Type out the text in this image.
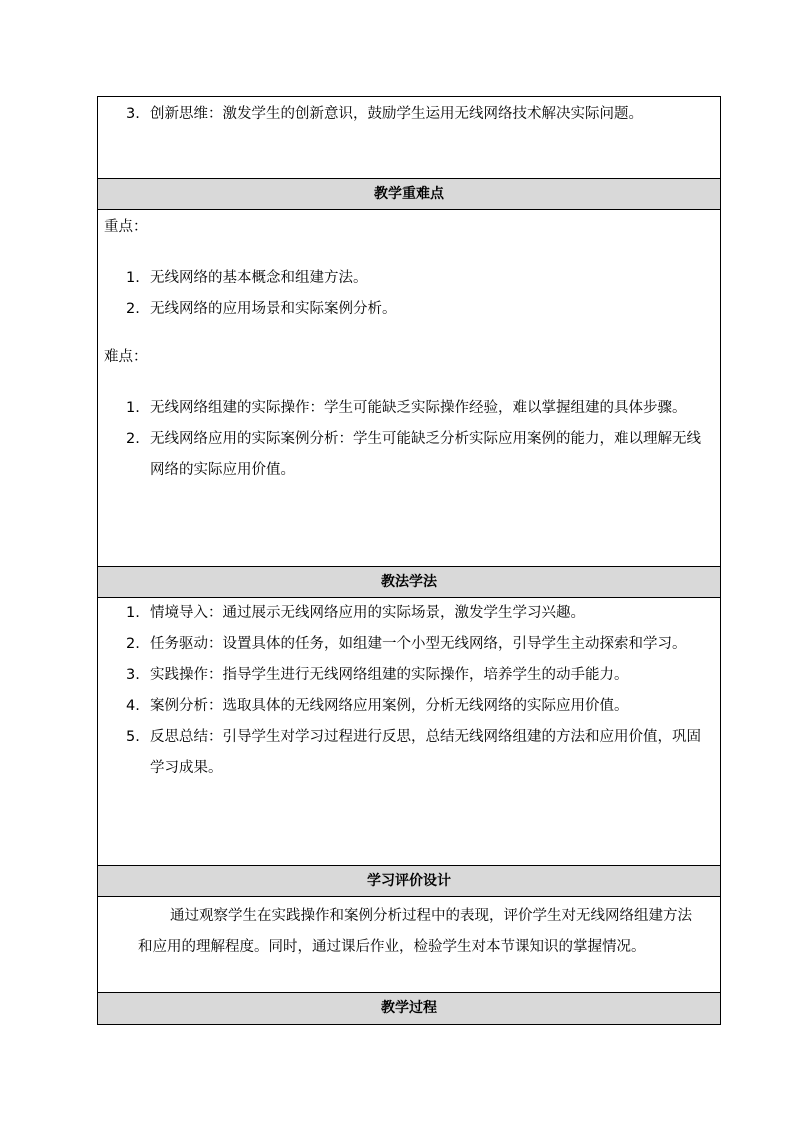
3. 创新思维：激发学生的创新意识，鼓励学生运用无线网络技术解决实际问题。
教学重难点
重点：
1. 无线网络的基本概念和组建方法。
2. 无线网络的应用场景和实际案例分析。
难点：
1. 无线网络组建的实际操作：学生可能缺乏实际操作经验，难以掌握组建的具体步骤。
2. 无线网络应用的实际案例分析：学生可能缺乏分析实际应用案例的能力，难以理解无线网络的实际应用价值。
教法学法
1. 情境导入：通过展示无线网络应用的实际场景，激发学生学习兴趣。
2. 任务驱动：设置具体的任务，如组建一个小型无线网络，引导学生主动探索和学习。
3. 实践操作：指导学生进行无线网络组建的实际操作，培养学生的动手能力。
4. 案例分析：选取具体的无线网络应用案例，分析无线网络的实际应用价值。
5. 反思总结：引导学生对学习过程进行反思，总结无线网络组建的方法和应用价值，巩固学习成果。
学习评价设计
通过观察学生在实践操作和案例分析过程中的表现，评价学生对无线网络组建方法和应用的理解程度。同时，通过课后作业，检验学生对本节课知识的掌握情况。
教学过程
